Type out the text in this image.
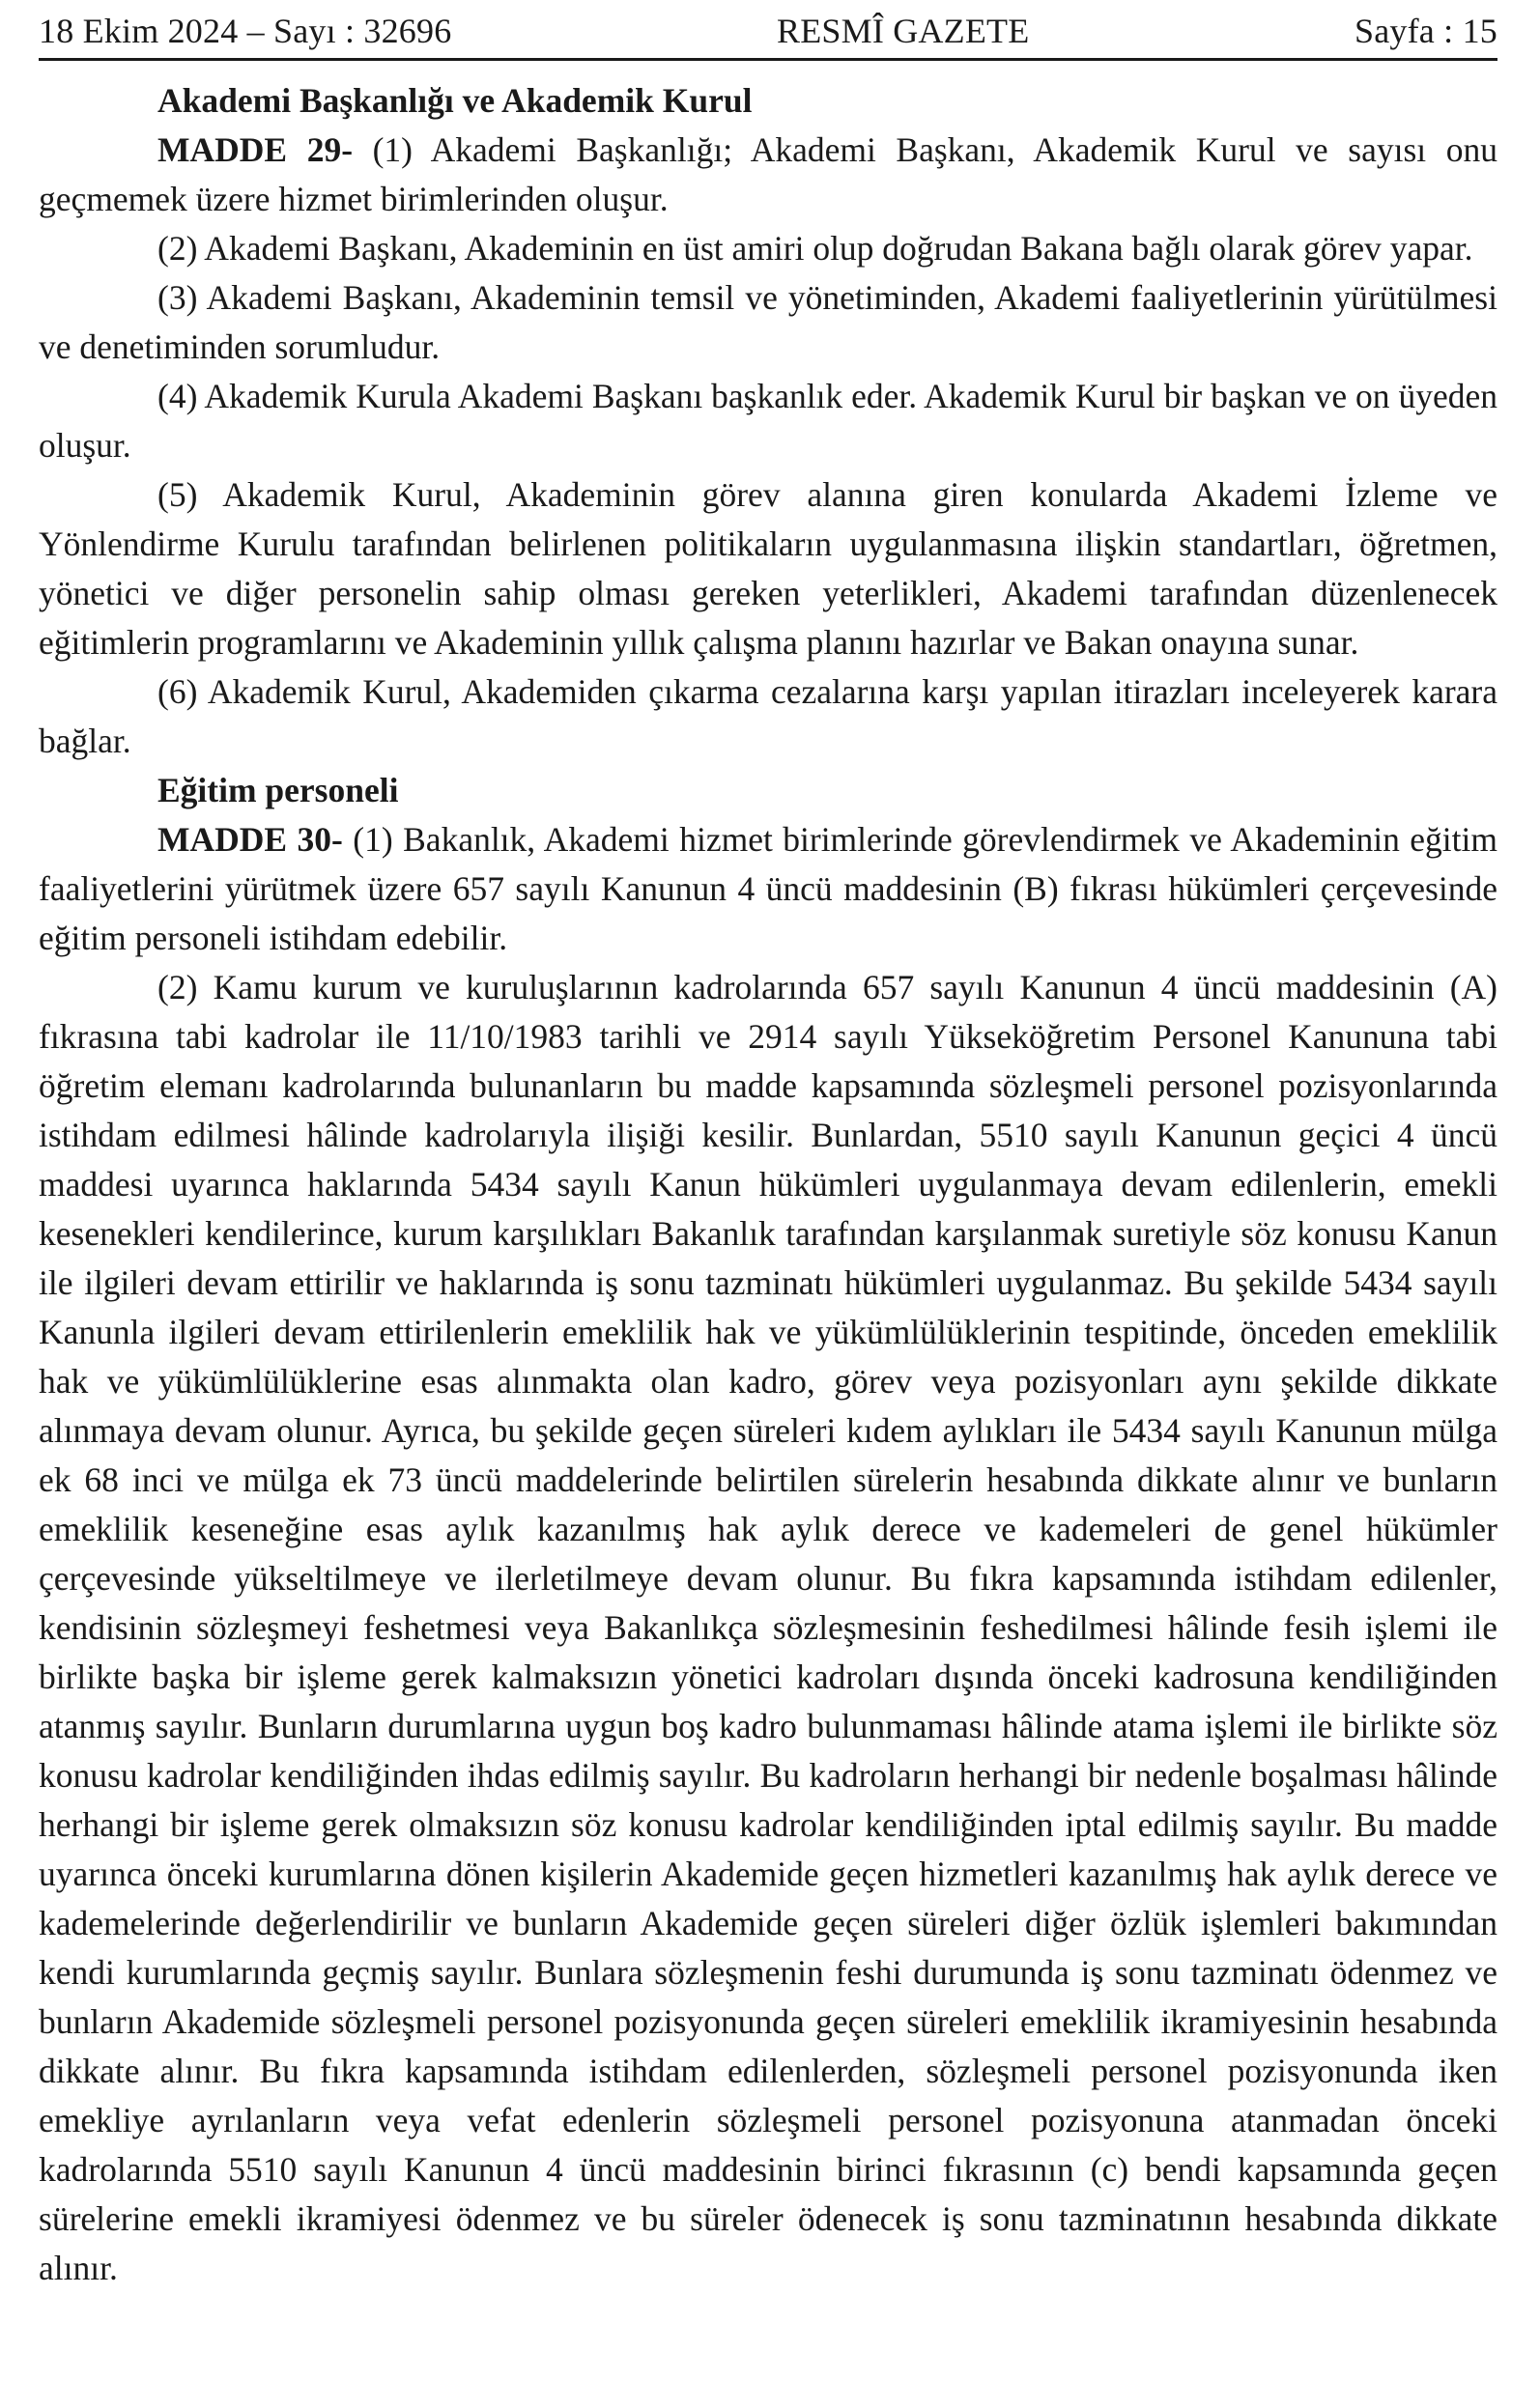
18 Ekim 2024 – Sayı : 32696	RESMÎ GAZETE	Sayfa : 15
Akademi Başkanlığı ve Akademik Kurul

MADDE 29- (1) Akademi Başkanlığı; Akademi Başkanı, Akademik Kurul ve sayısı onu geçmemek üzere hizmet birimlerinden oluşur.

(2) Akademi Başkanı, Akademinin en üst amiri olup doğrudan Bakana bağlı olarak görev yapar.

(3) Akademi Başkanı, Akademinin temsil ve yönetiminden, Akademi faaliyetlerinin yürütülmesi ve denetiminden sorumludur.

(4) Akademik Kurula Akademi Başkanı başkanlık eder. Akademik Kurul bir başkan ve on üyeden oluşur.

(5) Akademik Kurul, Akademinin görev alanına giren konularda Akademi İzleme ve Yönlendirme Kurulu tarafından belirlenen politikaların uygulanmasına ilişkin standartları, öğretmen, yönetici ve diğer personelin sahip olması gereken yeterlikleri, Akademi tarafından düzenlenecek eğitimlerin programlarını ve Akademinin yıllık çalışma planını hazırlar ve Bakan onayına sunar.

(6) Akademik Kurul, Akademiden çıkarma cezalarına karşı yapılan itirazları inceleyerek karara bağlar.

Eğitim personeli

MADDE 30- (1) Bakanlık, Akademi hizmet birimlerinde görevlendirmek ve Akademinin eğitim faaliyetlerini yürütmek üzere 657 sayılı Kanunun 4 üncü maddesinin (B) fıkrası hükümleri çerçevesinde eğitim personeli istihdam edebilir.

(2) Kamu kurum ve kuruluşlarının kadrolarında 657 sayılı Kanunun 4 üncü maddesinin (A) fıkrasına tabi kadrolar ile 11/10/1983 tarihli ve 2914 sayılı Yükseköğretim Personel Kanununa tabi öğretim elemanı kadrolarında bulunanların bu madde kapsamında sözleşmeli personel pozisyonlarında istihdam edilmesi hâlinde kadrolarıyla ilişiği kesilir. Bunlardan, 5510 sayılı Kanunun geçici 4 üncü maddesi uyarınca haklarında 5434 sayılı Kanun hükümleri uygulanmaya devam edilenlerin, emekli kesenekleri kendilerince, kurum karşılıkları Bakanlık tarafından karşılanmak suretiyle söz konusu Kanun ile ilgileri devam ettirilir ve haklarında iş sonu tazminatı hükümleri uygulanmaz. Bu şekilde 5434 sayılı Kanunla ilgileri devam ettirilenlerin emeklilik hak ve yükümlülüklerinin tespitinde, önceden emeklilik hak ve yükümlülüklerine esas alınmakta olan kadro, görev veya pozisyonları aynı şekilde dikkate alınmaya devam olunur. Ayrıca, bu şekilde geçen süreleri kıdem aylıkları ile 5434 sayılı Kanunun mülga ek 68 inci ve mülga ek 73 üncü maddelerinde belirtilen sürelerin hesabında dikkate alınır ve bunların emeklilik keseneğine esas aylık kazanılmış hak aylık derece ve kademeleri de genel hükümler çerçevesinde yükseltilmeye ve ilerletilmeye devam olunur. Bu fıkra kapsamında istihdam edilenler, kendisinin sözleşmeyi feshetmesi veya Bakanlıkça sözleşmesinin feshedilmesi hâlinde fesih işlemi ile birlikte başka bir işleme gerek kalmaksızın yönetici kadroları dışında önceki kadrosuna kendiliğinden atanmış sayılır. Bunların durumlarına uygun boş kadro bulunmaması hâlinde atama işlemi ile birlikte söz konusu kadrolar kendiliğinden ihdas edilmiş sayılır. Bu kadroların herhangi bir nedenle boşalması hâlinde herhangi bir işleme gerek olmaksızın söz konusu kadrolar kendiliğinden iptal edilmiş sayılır. Bu madde uyarınca önceki kurumlarına dönen kişilerin Akademide geçen hizmetleri kazanılmış hak aylık derece ve kademelerinde değerlendirilir ve bunların Akademide geçen süreleri diğer özlük işlemleri bakımından kendi kurumlarında geçmiş sayılır. Bunlara sözleşmenin feshi durumunda iş sonu tazminatı ödenmez ve bunların Akademide sözleşmeli personel pozisyonunda geçen süreleri emeklilik ikramiyesinin hesabında dikkate alınır. Bu fıkra kapsamında istihdam edilenlerden, sözleşmeli personel pozisyonunda iken emekliye ayrılanların veya vefat edenlerin sözleşmeli personel pozisyonuna atanmadan önceki kadrolarında 5510 sayılı Kanunun 4 üncü maddesinin birinci fıkrasının (c) bendi kapsamında geçen sürelerine emekli ikramiyesi ödenmez ve bu süreler ödenecek iş sonu tazminatının hesabında dikkate alınır.
